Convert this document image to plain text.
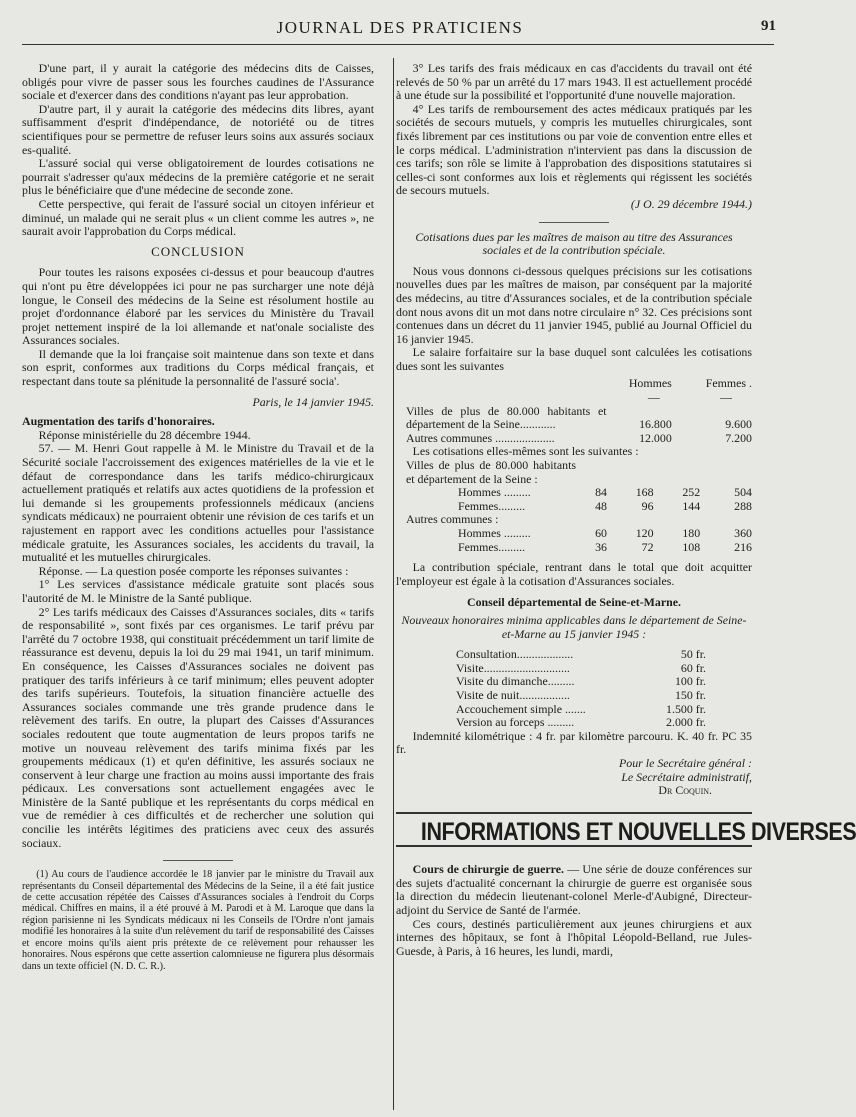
JOURNAL DES PRATICIENS	91

D'une part, il y aurait la catégorie des médecins dits de Caisses, obligés pour vivre de passer sous les fourches caudines de l'Assurance sociale et d'exercer dans des conditions n'ayant pas leur approbation.

D'autre part, il y aurait la catégorie des médecins dits libres, ayant suffisamment d'esprit d'indépendance, de notoriété ou de titres scientifiques pour se permettre de refuser leurs soins aux assurés sociaux es-qualité.

L'assuré social qui verse obligatoirement de lourdes cotisations ne pourrait s'adresser qu'aux médecins de la première catégorie et ne serait plus le bénéficiaire que d'une médecine de seconde zone.

Cette perspective, qui ferait de l'assuré social un citoyen inférieur et diminué, un malade qui ne serait plus « un client comme les autres », ne saurait avoir l'approbation du Corps médical.

CONCLUSION

Pour toutes les raisons exposées ci-dessus et pour beaucoup d'autres qui n'ont pu être développées ici pour ne pas surcharger une note déjà longue, le Conseil des médecins de la Seine est résolument hostile au projet d'ordonnance élaboré par les services du Ministère du Travail projet nettement inspiré de la loi allemande et nat'onale socialiste des Assurances sociales.

Il demande que la loi française soit maintenue dans son texte et dans son esprit, conformes aux traditions du Corps médical français, et respectant dans toute sa plénitude la personnalité de l'assuré socia'.

Paris, le 14 janvier 1945.

Augmentation des tarifs d'honoraires.

Réponse ministérielle du 28 décembre 1944.

57. — M. Henri Gout rappelle à M. le Ministre du Travail et de la Sécurité sociale l'accroissement des exigences matérielles de la vie et le défaut de correspondance dans les tarifs médico-chirurgicaux actuellement pratiqués et relatifs aux actes quotidiens de la profession et lui demande si les groupements professionnels médicaux (anciens syndicats médicaux) ne pourraient obtenir une révision de ces tarifs et un rajustement en rapport avec les conditions actuelles pour l'assistance médicale gratuite, les Assurances sociales, les accidents du travail, la mutualité et les mutuelles chirurgicales.

Réponse. — La question posée comporte les réponses suivantes :

1° Les services d'assistance médicale gratuite sont placés sous l'autorité de M. le Ministre de la Santé publique.

2° Les tarifs médicaux des Caisses d'Assurances sociales, dits « tarifs de responsabilité », sont fixés par ces organismes. Le tarif prévu par l'arrêté du 7 octobre 1938, qui constituait précédemment un tarif limite de réassurance est devenu, depuis la loi du 29 mai 1941, un tarif minimum. En conséquence, les Caisses d'Assurances sociales ne doivent pas pratiquer des tarifs inférieurs à ce tarif minimum; elles peuvent adopter des tarifs supérieurs. Toutefois, la situation financière actuelle des Assurances sociales commande une très grande prudence dans le relèvement des tarifs. En outre, la plupart des Caisses d'Assurances sociales redoutent que toute augmentation de leurs propos tarifs ne motive un nouveau relèvement des tarifs minima fixés par les groupements médicaux (1) et qu'en définitive, les assurés sociaux ne conservent à leur charge une fraction au moins aussi importante des frais pédicaux. Les conversations sont actuellement engagées avec le Ministère de la Santé publique et les représentants du corps médical en vue de remédier à ces difficultés et de rechercher une solution qui concilie les intérêts légitimes des praticiens avec ceux des assurés sociaux.

(1) Au cours de l'audience accordée le 18 janvier par le ministre du Travail aux représentants du Conseil départemental des Médecins de la Seine, il a été fait justice de cette accusation répétée des Caisses d'Assurances sociales à l'endroit du Corps médical. Chiffres en mains, il a été prouvé à M. Parodi et à M. Laroque que dans la région parisienne ni les Syndicats médicaux ni les Conseils de l'Ordre n'ont jamais modifié les honoraires à la suite d'un relèvement du tarif de responsabilité des Caisses et encore moins qu'ils aient pris prétexte de ce relèvement pour rehausser les honoraires. Nous espérons que cette assertion calomnieuse ne figurera plus désormais dans un texte officiel (N. D. C. R.).

3° Les tarifs des frais médicaux en cas d'accidents du travail ont été relevés de 50 % par un arrêté du 17 mars 1943. Il est actuellement procédé à une étude sur la possibilité et l'opportunité d'une nouvelle majoration.

4° Les tarifs de remboursement des actes médicaux pratiqués par les sociétés de secours mutuels, y compris les mutuelles chirurgicales, sont fixés librement par ces institutions ou par voie de convention entre elles et le corps médical. L'administration n'intervient pas dans la discussion de ces tarifs; son rôle se limite à l'approbation des dispositions statutaires si celles-ci sont conformes aux lois et règlements qui régissent les sociétés de secours mutuels.

(J O. 29 décembre 1944.)

Cotisations dues par les maîtres de maison au titre des Assurances sociales et de la contribution spéciale.

Nous vous donnons ci-dessous quelques précisions sur les cotisations nouvelles dues par les maîtres de maison, par conséquent par la majorité des médecins, au titre d'Assurances sociales, et de la contribution spéciale dont nous avons dit un mot dans notre circulaire n° 32. Ces précisions sont contenues dans un décret du 11 janvier 1945, publié au Journal Officiel du 16 janvier 1945.

Le salaire forfaitaire sur la base duquel sont calculées les cotisations dues sont les suivantes

	Hommes	Femmes .
	—	—
Villes de plus de 80.000 habitants et département de la Seine............	16.800	9.600
Autres communes ....................	12.000	7.200

Les cotisations elles-mêmes sont les suivantes :

Villes de plus de 80.000 habitants et département de la Seine :				
Hommes .........	84	168	252	504
Femmes.........	48	96	144	288
Autres communes :				
Hommes .........	60	120	180	360
Femmes.........	36	72	108	216

La contribution spéciale, rentrant dans le total que doit acquitter l'employeur est égale à la cotisation d'Assurances sociales.

Conseil départemental de Seine-et-Marne.

Nouveaux honoraires minima applicables dans le département de Seine-et-Marne au 15 janvier 1945 :

Consultation...................	50 fr.
Visite.............................	60 fr.
Visite du dimanche.........	100 fr.
Visite de nuit.................	150 fr.
Accouchement simple .......	1.500 fr.
Version au forceps .........	2.000 fr.

Indemnité kilométrique : 4 fr. par kilomètre parcouru. K. 40 fr. PC 35 fr.

Pour le Secrétaire général :

Le Secrétaire administratif,

Dr Coquin.

INFORMATIONS ET NOUVELLES DIVERSES

Cours de chirurgie de guerre. — Une série de douze conférences sur des sujets d'actualité concernant la chirurgie de guerre est organisée sous la direction du médecin lieutenant-colonel Merle-d'Aubigné, Directeur-adjoint du Service de Santé de l'armée.

Ces cours, destinés particulièrement aux jeunes chirurgiens et aux internes des hôpitaux, se font à l'hôpital Léopold-Belland, rue Jules-Guesde, à Paris, à 16 heures, les lundi, mardi,
